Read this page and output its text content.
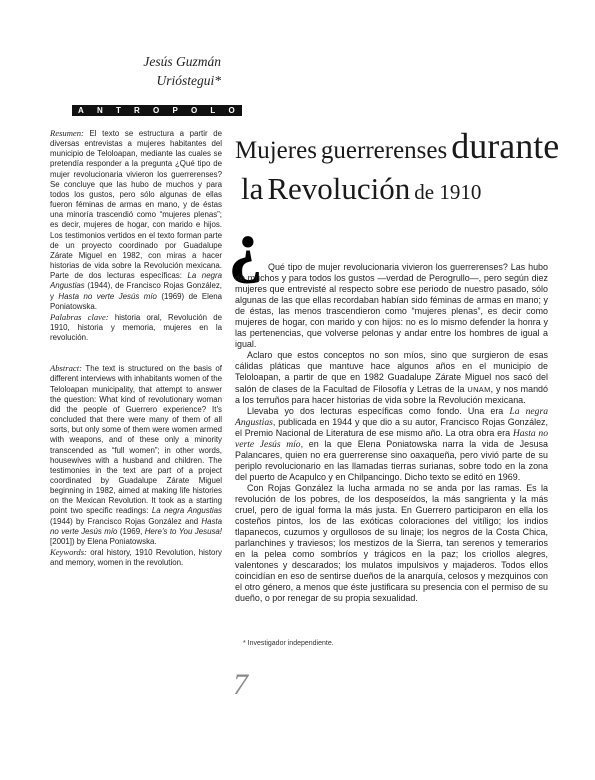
Jesús Guzmán
Urióstegui*
ANTROPOLOGIA

Resumen: El texto se estructura a partir de diversas entrevistas a mujeres habitantes del municipio de Teloloapan, mediante las cuales se pretendía responder a la pregunta ¿Qué tipo de mujer revolucionaria vivieron los guerrerenses? Se concluye que las hubo de muchos y para todos los gustos, pero sólo algunas de ellas fueron féminas de armas en mano, y de éstas una minoría trascendió como “mujeres plenas”; es decir, mujeres de hogar, con marido e hijos. Los testimonios vertidos en el texto forman parte de un proyecto coordinado por Guadalupe Zárate Miguel en 1982, con miras a hacer historias de vida sobre la Revolución mexicana. Parte de dos lecturas específicas: La negra Angustias (1944), de Francisco Rojas González, y Hasta no verte Jesús mío (1969) de Elena Poniatowska.

Palabras clave: historia oral, Revolución de 1910, historia y memoria, mujeres en la revolución.

Abstract: The text is structured on the basis of different interviews with inhabitants women of the Teloloapan municipality, that attempt to answer the question: What kind of revolutionary woman did the people of Guerrero experience? It’s concluded that there were many of them of all sorts, but only some of them were women armed with weapons, and of these only a minority transcended as “full women”; in other words, housewives with a husband and children. The testimonies in the text are part of a project coordinated by Guadalupe Zárate Miguel beginning in 1982, aimed at making life histories on the Mexican Revolution. It took as a starting point two specific readings: La negra Angustias (1944) by Francisco Rojas González and Hasta no verte Jesús mío (1969, Here’s to You Jesusa! [2001]) by Elena Poniatowska.

Keywords: oral history, 1910 Revolution, history and memory, women in the revolution.

Mujeres guerrerenses durante
la Revolución de 1910
¿ Qué tipo de mujer revolucionaria vivieron los guerrerenses? Las hubo de muchos y para todos los gustos —verdad de Perogrullo—, pero según diez mujeres que entrevisté al respecto sobre ese periodo de nuestro pasado, sólo algunas de las que ellas recordaban habían sido féminas de armas en mano; y de éstas, las menos trascendieron como “mujeres plenas”, es decir como mujeres de hogar, con marido y con hijos: no es lo mismo defender la honra y las pertenencias, que volverse pelonas y andar entre los hombres de igual a igual.

Aclaro que estos conceptos no son míos, sino que surgieron de esas cálidas pláticas que mantuve hace algunos años en el municipio de Teloloapan, a partir de que en 1982 Guadalupe Zárate Miguel nos sacó del salón de clases de la Facultad de Filosofía y Letras de la UNAM, y nos mandó a los terruños para hacer historias de vida sobre la Revolución mexicana.

Llevaba yo dos lecturas específicas como fondo. Una era La negra Angustias, publicada en 1944 y que dio a su autor, Francisco Rojas González, el Premio Nacional de Literatura de ese mismo año. La otra obra era Hasta no verte Jesús mío, en la que Elena Poniatowska narra la vida de Jesusa Palancares, quien no era guerrerense sino oaxaqueña, pero vivió parte de su periplo revolucionario en las llamadas tierras surianas, sobre todo en la zona del puerto de Acapulco y en Chilpancingo. Dicho texto se editó en 1969.

Con Rojas González la lucha armada no se anda por las ramas. Es la revolución de los pobres, de los desposeídos, la más sangrienta y la más cruel, pero de igual forma la más justa. En Guerrero participaron en ella los costeños pintos, los de las exóticas coloraciones del vitíligo; los indios tlapanecos, cuzumos y orgullosos de su linaje; los negros de la Costa Chica, parlanchines y traviesos; los mestizos de la Sierra, tan serenos y temerarios en la pelea como sombríos y trágicos en la paz; los criollos alegres, valentones y descarados; los mulatos impulsivos y majaderos. Todos ellos coincidían en eso de sentirse dueños de la anarquía, celosos y mezquinos con el otro género, a menos que éste justificara su presencia con el permiso de su dueño, o por renegar de su propia sexualidad.

* Investigador independiente.
7
